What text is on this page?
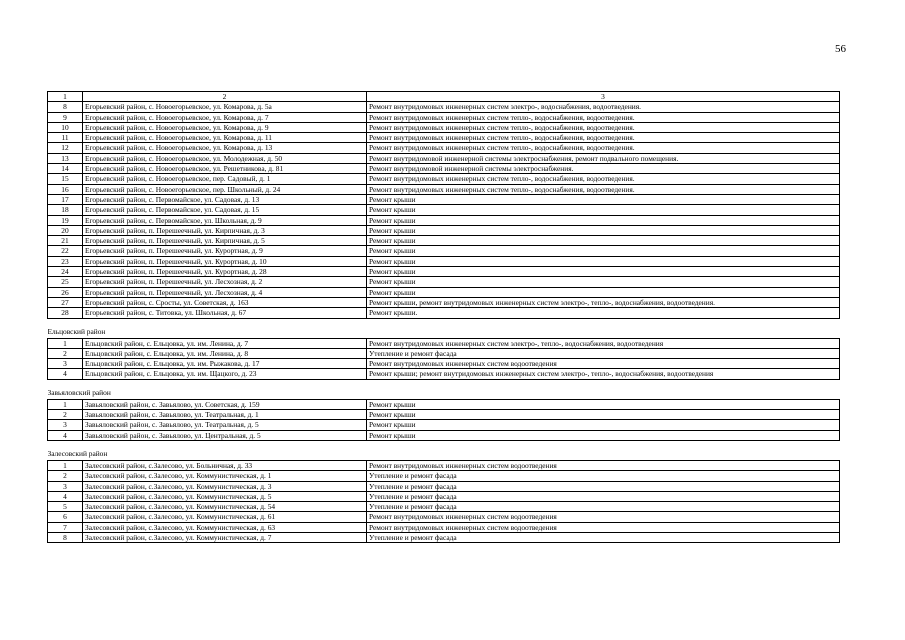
56
1	2	3
8	Егорьевский район, с. Новоегорьевское, ул. Комарова, д. 5а	Ремонт внутридомовых инженерных систем электро-, водоснабжения, водоотведения.
9	Егорьевский район, с. Новоегорьевское, ул. Комарова, д. 7	Ремонт внутридомовых инженерных систем тепло-, водоснабжения, водоотведения.
10	Егорьевский район, с. Новоегорьевское, ул. Комарова, д. 9	Ремонт внутридомовых инженерных систем тепло-, водоснабжения, водоотведения.
11	Егорьевский район, с. Новоегорьевское, ул. Комарова, д. 11	Ремонт внутридомовых инженерных систем тепло-, водоснабжения, водоотведения.
12	Егорьевский район, с. Новоегорьевское, ул. Комарова, д. 13	Ремонт внутридомовых инженерных систем тепло-, водоснабжения, водоотведения.
13	Егорьевский район, с. Новоегорьевское, ул. Молодежная, д. 50	Ремонт внутридомовой инженерной системы электроснабжения, ремонт подвального помещения.
14	Егорьевский район, с. Новоегорьевское, ул. Решетникова, д. 81	Ремонт внутридомовой инженерной системы электроснабжения.
15	Егорьевский район, с. Новоегорьевское, пер. Садовый, д. 1	Ремонт внутридомовых инженерных систем тепло-, водоснабжения, водоотведения.
16	Егорьевский район, с. Новоегорьевское, пер. Школьный, д. 24	Ремонт внутридомовых инженерных систем тепло-, водоснабжения, водоотведения.
17	Егорьевский район, с. Первомайское, ул. Садовая, д. 13	Ремонт крыши
18	Егорьевский район, с. Первомайское, ул. Садовая, д. 15	Ремонт крыши
19	Егорьевский район, с. Первомайское, ул. Школьная, д. 9	Ремонт крыши
20	Егорьевский район, п. Перешеечный, ул. Кирпичная, д. 3	Ремонт крыши
21	Егорьевский район, п. Перешеечный, ул. Кирпичная, д. 5	Ремонт крыши
22	Егорьевский район, п. Перешеечный, ул. Курортная, д. 9	Ремонт крыши
23	Егорьевский район, п. Перешеечный, ул. Курортная, д. 10	Ремонт крыши
24	Егорьевский район, п. Перешеечный, ул. Курортная, д. 28	Ремонт крыши
25	Егорьевский район, п. Перешеечный, ул. Лесхозная, д. 2	Ремонт крыши
26	Егорьевский район, п. Перешеечный, ул. Лесхозная, д. 4	Ремонт крыши
27	Егорьевский район, с. Сросты, ул. Советская, д. 163	Ремонт крыши, ремонт внутридомовых инженерных систем электро-, тепло-, водоснабжения, водоотведения.
28	Егорьевский район, с. Титовка, ул. Школьная, д. 67	Ремонт крыши.

Ельцовский район		
1	Ельцовский район, с. Ельцовка, ул. им. Ленина, д. 7	Ремонт внутридомовых инженерных систем электро-, тепло-, водоснабжения, водоотведения
2	Ельцовский район, с. Ельцовка, ул. им. Ленина, д. 8	Утепление и ремонт фасада
3	Ельцовский район, с. Ельцовка, ул. им. Рыжакова, д. 17	Ремонт внутридомовых инженерных систем водоотведения
4	Ельцовский район, с. Ельцовка, ул. им. Щацкого, д. 23	Ремонт крыши; ремонт внутридомовых инженерных систем электро-, тепло-, водоснабжения, водоотведения

Завьяловский район		
1	Завьяловский район, с. Завьялово, ул. Советская, д. 159	Ремонт крыши
2	Завьяловский район, с. Завьялово, ул. Театральная, д. 1	Ремонт крыши
3	Завьяловский район, с. Завьялово, ул. Театральная, д. 5	Ремонт крыши
4	Завьяловский район, с. Завьялово, ул. Центральная, д. 5	Ремонт крыши

Залесовский район		
1	Залесовский район, с.Залесово, ул. Больничная, д. 33	Ремонт внутридомовых инженерных систем водоотведения
2	Залесовский район, с.Залесово, ул. Коммунистическая, д. 1	Утепление и ремонт фасада
3	Залесовский район, с.Залесово, ул. Коммунистическая, д. 3	Утепление и ремонт фасада
4	Залесовский район, с.Залесово, ул. Коммунистическая, д. 5	Утепление и ремонт фасада
5	Залесовский район, с.Залесово, ул. Коммунистическая, д. 54	Утепление и ремонт фасада
6	Залесовский район, с.Залесово, ул. Коммунистическая, д. 61	Ремонт внутридомовых инженерных систем водоотведения
7	Залесовский район, с.Залесово, ул. Коммунистическая, д. 63	Ремонт внутридомовых инженерных систем водоотведения
8	Залесовский район, с.Залесово, ул. Коммунистическая, д. 7	Утепление и ремонт фасада
